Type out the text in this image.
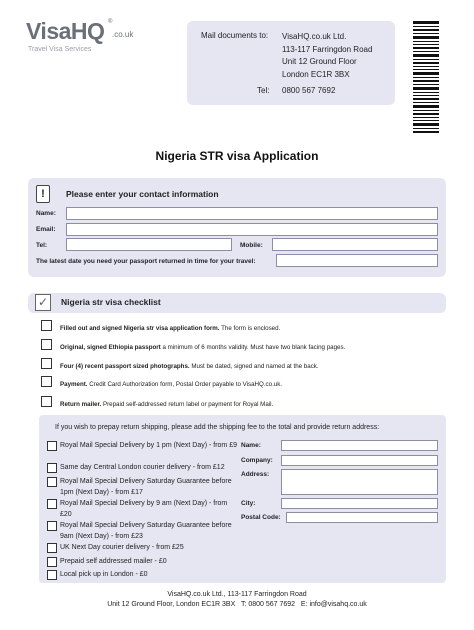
VisaHQ ®
.co.uk
Travel Visa Services
Mail documents to: VisaHQ.co.uk Ltd.
113-117 Farringdon Road
Unit 12 Ground Floor
London EC1R 3BX
Tel: 0800 567 7692
Nigeria STR visa Application
!	Please enter your contact information
Name:
Email:
Tel:	Mobile:
The latest date you need your passport returned in time for your travel:
✓	Nigeria str visa checklist
Filled out and signed Nigeria str visa application form. The form is enclosed.
Original, signed Ethiopia passport a minimum of 6 months validity. Must have two blank facing pages.
Four (4) recent passport sized photographs. Must be dated, signed and named at the back.
Payment. Credit Card Authorization form, Postal Order payable to VisaHQ.co.uk.
Return mailer. Prepaid self-addressed return label or payment for Royal Mail.
If you wish to prepay return shipping, please add the shipping fee to the total and provide return address:
Royal Mail Special Delivery by 1 pm (Next Day) - from £9
Same day Central London courier delivery - from £12
Royal Mail Special Delivery Saturday Guarantee before 1pm (Next Day) - from £17
Royal Mail Special Delivery by 9 am (Next Day) - from £20
Royal Mail Special Delivery Saturday Guarantee before 9am (Next Day) - from £23
UK Next Day courier delivery - from £25
Prepaid self addressed mailer - £0
Local pick up in London - £0
Name:
Company:
Address:
City:
Postal Code:
VisaHQ.co.uk Ltd., 113-117 Farringdon Road
Unit 12 Ground Floor, London EC1R 3BX   T: 0800 567 7692   E: info@visahq.co.uk
